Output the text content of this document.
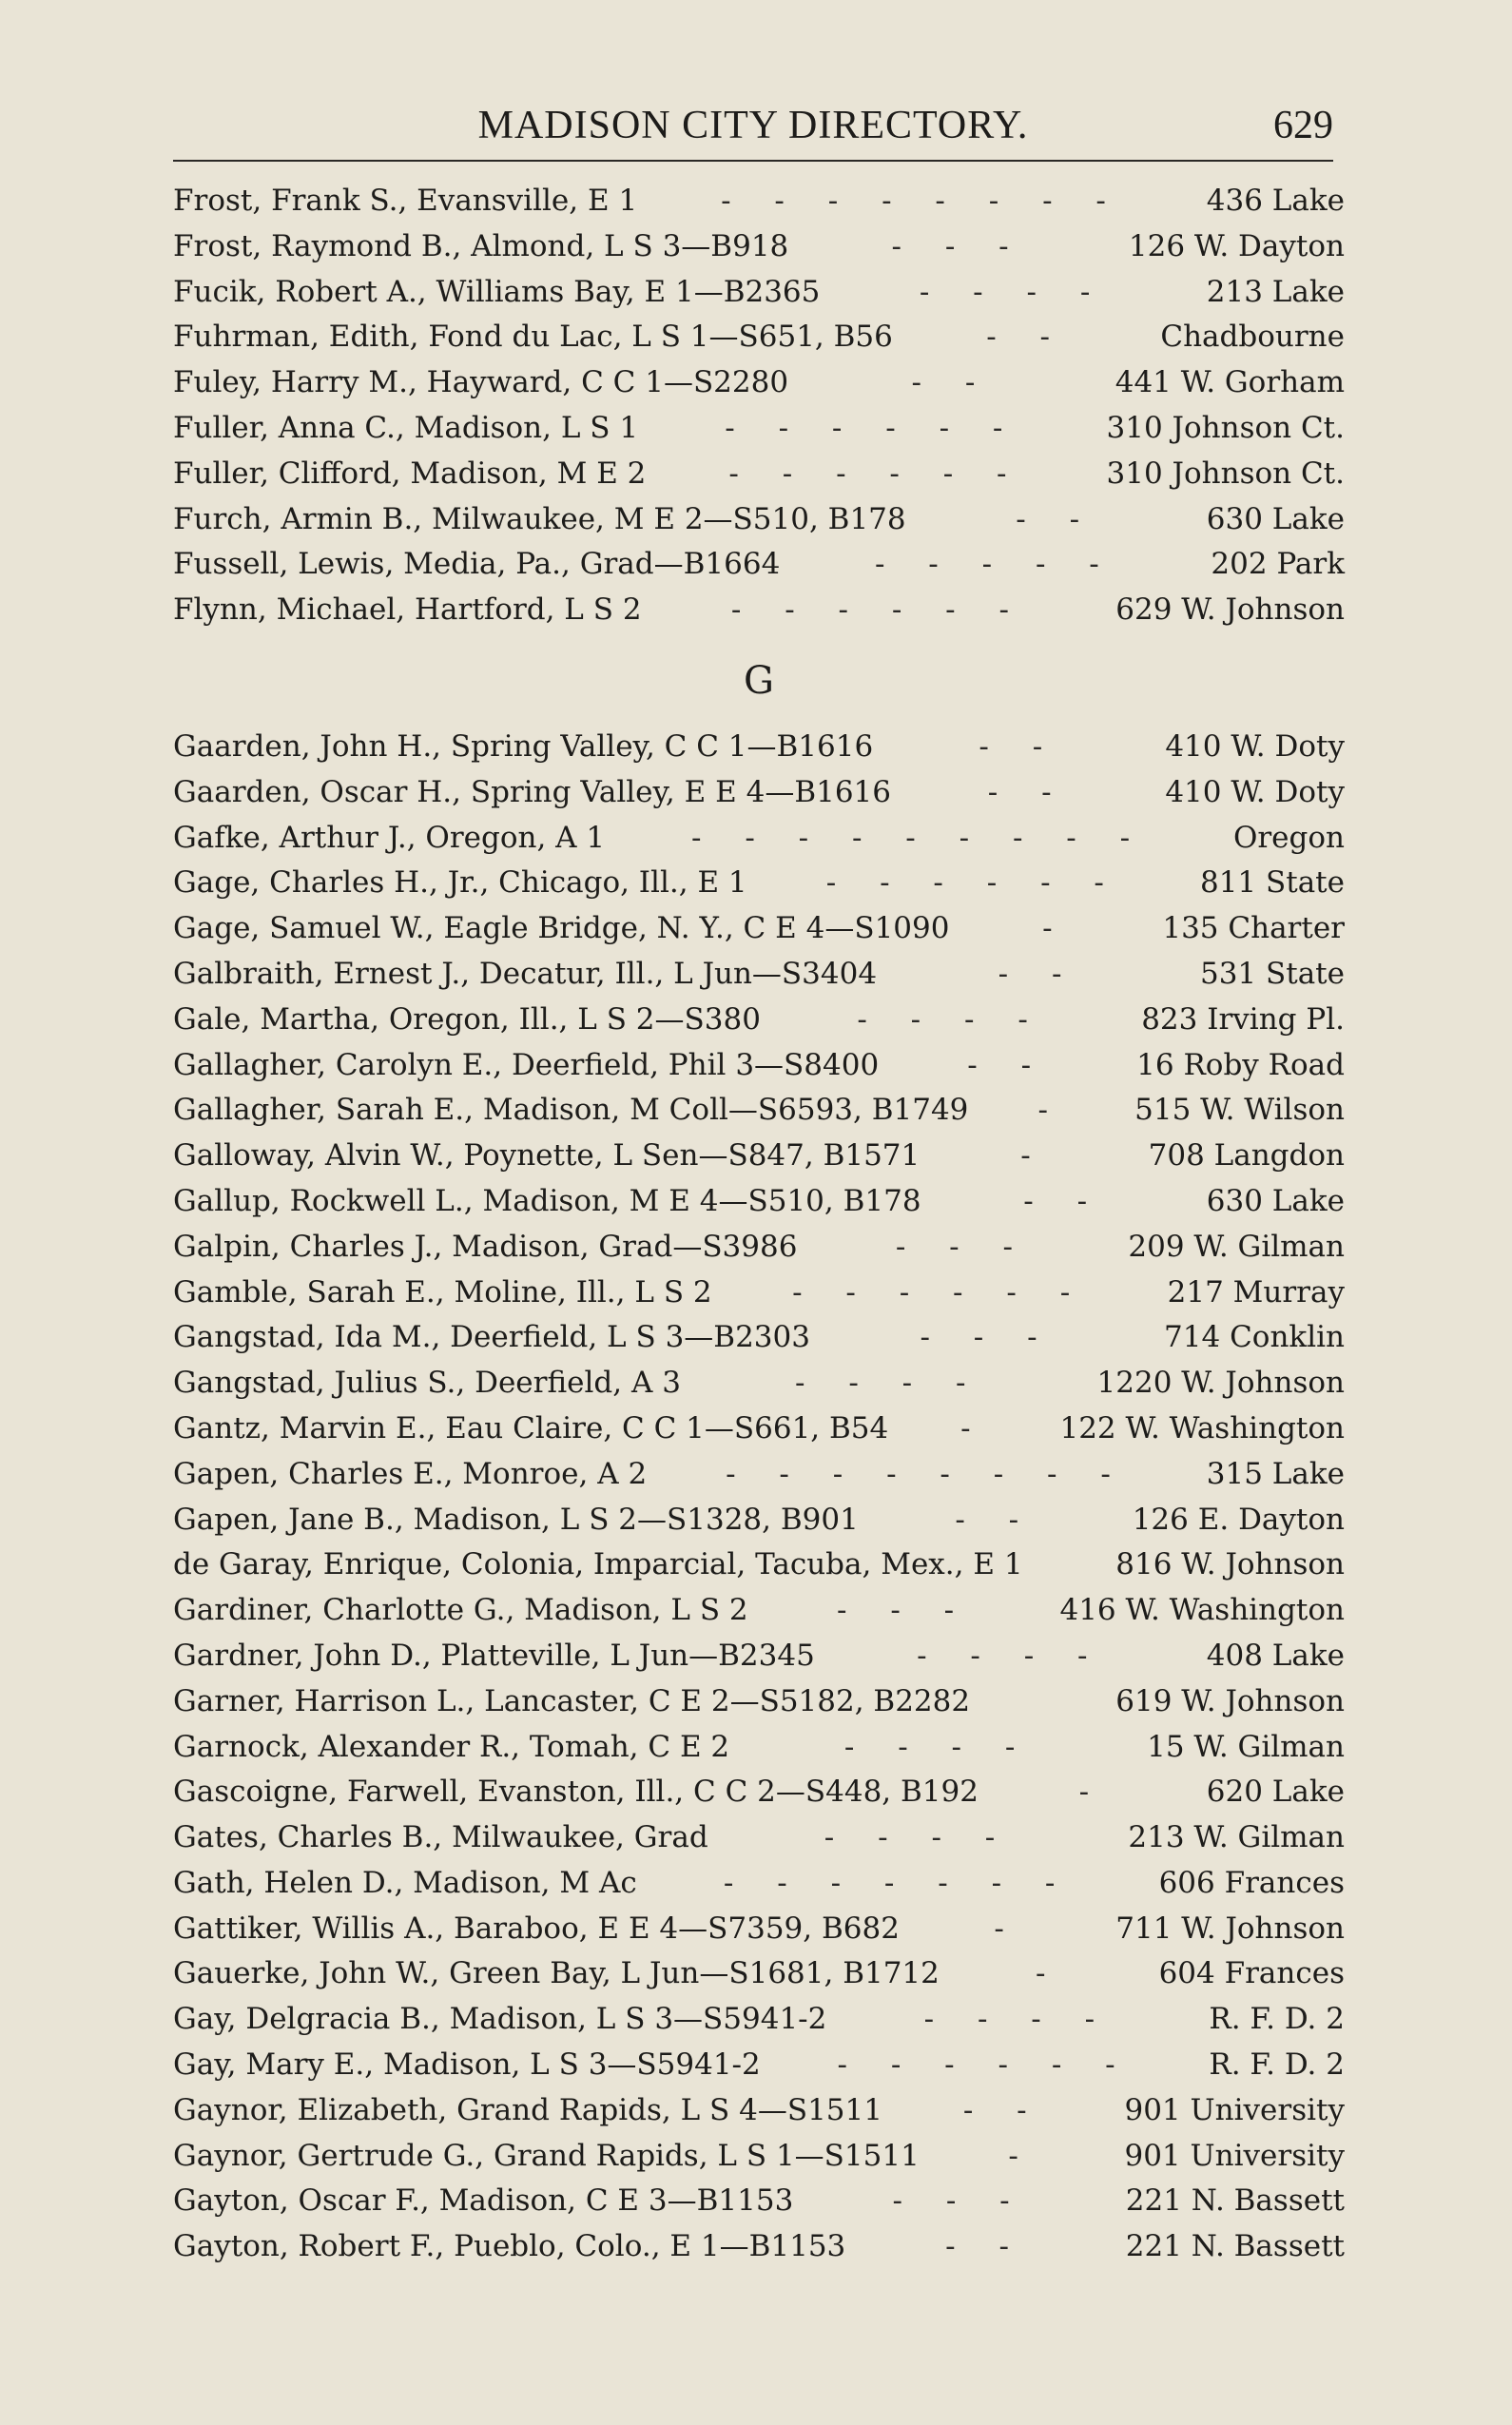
MADISON CITY DIRECTORY.	629
Frost, Frank S., Evansville, E 1	- - - - - - - -	436 Lake
Frost, Raymond B., Almond, L S 3—B918	- - -	126 W. Dayton
Fucik, Robert A., Williams Bay, E 1—B2365	- - - -	213 Lake
Fuhrman, Edith, Fond du Lac, L S 1—S651, B56	- -	Chadbourne
Fuley, Harry M., Hayward, C C 1—S2280	- -	441 W. Gorham
Fuller, Anna C., Madison, L S 1	- - - - - -	310 Johnson Ct.
Fuller, Clifford, Madison, M E 2	- - - - - -	310 Johnson Ct.
Furch, Armin B., Milwaukee, M E 2—S510, B178	- -	630 Lake
Fussell, Lewis, Media, Pa., Grad—B1664	- - - - -	202 Park
Flynn, Michael, Hartford, L S 2	- - - - - -	629 W. Johnson
G
Gaarden, John H., Spring Valley, C C 1—B1616	- -	410 W. Doty
Gaarden, Oscar H., Spring Valley, E E 4—B1616	- -	410 W. Doty
Gafke, Arthur J., Oregon, A 1	- - - - - - - - -	Oregon
Gage, Charles H., Jr., Chicago, Ill., E 1	- - - - - -	811 State
Gage, Samuel W., Eagle Bridge, N. Y., C E 4—S1090	-	135 Charter
Galbraith, Ernest J., Decatur, Ill., L Jun—S3404	- -	531 State
Gale, Martha, Oregon, Ill., L S 2—S380	- - - -	823 Irving Pl.
Gallagher, Carolyn E., Deerfield, Phil 3—S8400	- -	16 Roby Road
Gallagher, Sarah E., Madison, M Coll—S6593, B1749 - 515 W. Wilson
Galloway, Alvin W., Poynette, L Sen—S847, B1571	-	708 Langdon
Gallup, Rockwell L., Madison, M E 4—S510, B178	- -	630 Lake
Galpin, Charles J., Madison, Grad—S3986	- - -	209 W. Gilman
Gamble, Sarah E., Moline, Ill., L S 2	- - - - - -	217 Murray
Gangstad, Ida M., Deerfield, L S 3—B2303	- - -	714 Conklin
Gangstad, Julius S., Deerfield, A 3	- - - -	1220 W. Johnson
Gantz, Marvin E., Eau Claire, C C 1—S661, B54 - 122 W. Washington
Gapen, Charles E., Monroe, A 2	- - - - - - - -	315 Lake
Gapen, Jane B., Madison, L S 2—S1328, B901	- -	126 E. Dayton
de Garay, Enrique, Colonia, Imparcial, Tacuba, Mex., E 1	816 W. Johnson
Gardiner, Charlotte G., Madison, L S 2	- - -	416 W. Washington
Gardner, John D., Platteville, L Jun—B2345	- - - -	408 Lake
Garner, Harrison L., Lancaster, C E 2—S5182, B2282	619 W. Johnson
Garnock, Alexander R., Tomah, C E 2	- - - -	15 W. Gilman
Gascoigne, Farwell, Evanston, Ill., C C 2—S448, B192	-	620 Lake
Gates, Charles B., Milwaukee, Grad	- - - -	213 W. Gilman
Gath, Helen D., Madison, M Ac	- - - - - - -	606 Frances
Gattiker, Willis A., Baraboo, E E 4—S7359, B682	-	711 W. Johnson
Gauerke, John W., Green Bay, L Jun—S1681, B1712	-	604 Frances
Gay, Delgracia B., Madison, L S 3—S5941-2	- - - -	R. F. D. 2
Gay, Mary E., Madison, L S 3—S5941-2	- - - - - -	R. F. D. 2
Gaynor, Elizabeth, Grand Rapids, L S 4—S1511	- -	901 University
Gaynor, Gertrude G., Grand Rapids, L S 1—S1511	-	901 University
Gayton, Oscar F., Madison, C E 3—B1153	- - -	221 N. Bassett
Gayton, Robert F., Pueblo, Colo., E 1—B1153	- -	221 N. Bassett
